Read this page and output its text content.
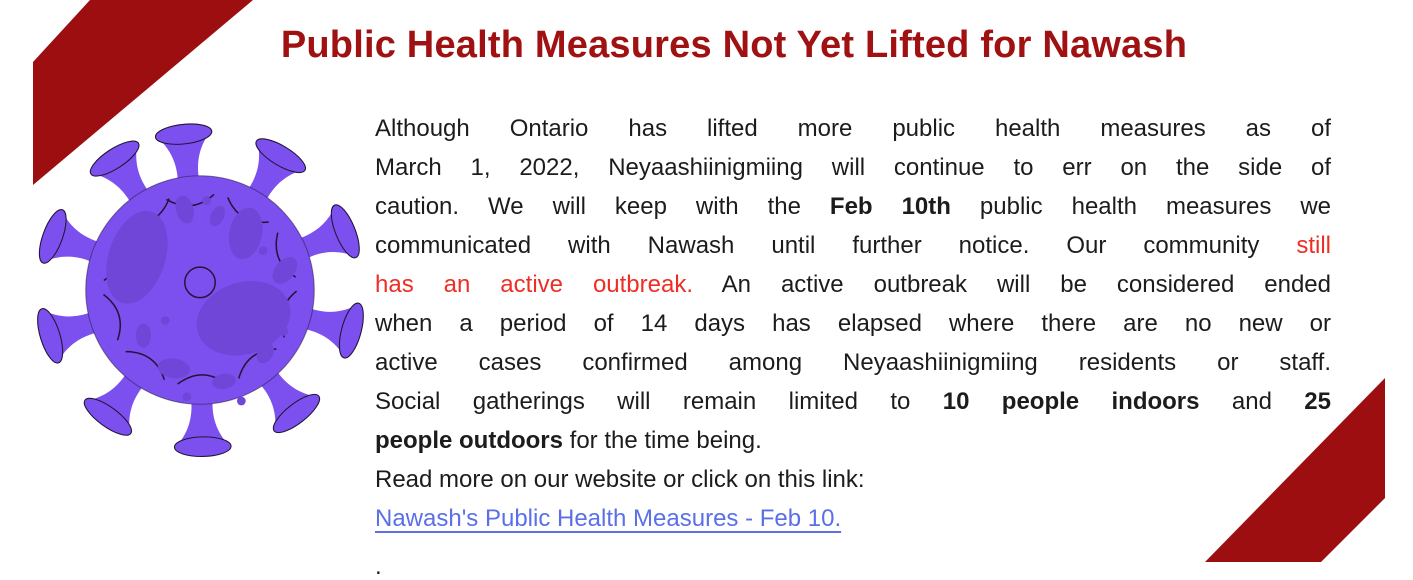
Public Health Measures Not Yet Lifted for Nawash
Although Ontario has lifted more public health measures as of
March 1, 2022, Neyaashiinigmiing will continue to err on the side of
caution. We will keep with the Feb 10th public health measures we
communicated with Nawash until further notice. Our community still
has an active outbreak. An active outbreak will be considered ended
when a period of 14 days has elapsed where there are no new or
active cases confirmed among Neyaashiinigmiing residents or staff.
Social gatherings will remain limited to 10 people indoors and 25
people outdoors for the time being.
Read more on our website or click on this link:
Nawash's Public Health Measures - Feb 10.
.
